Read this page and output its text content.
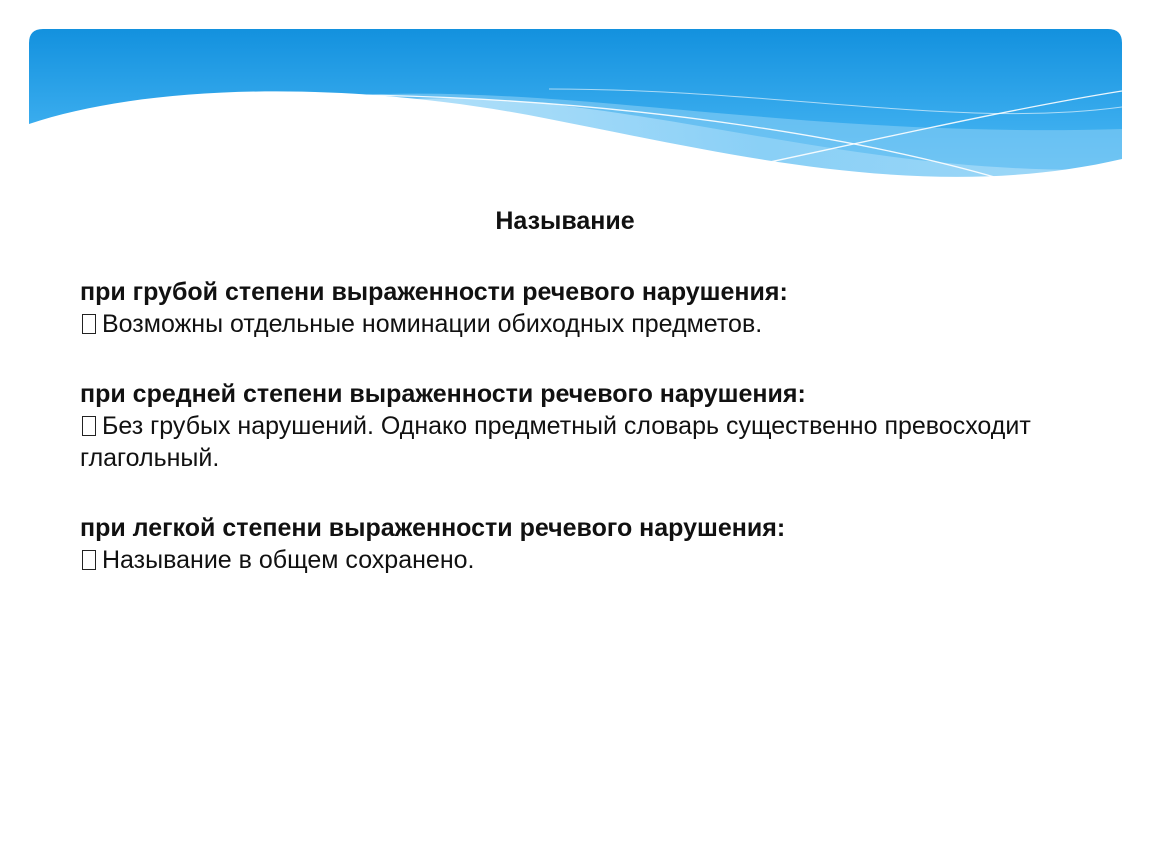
Называние

при грубой степени выраженности речевого нарушения:

Возможны отдельные номинации обиходных предметов.

при средней степени выраженности речевого нарушения:

Без грубых нарушений. Однако предметный словарь существенно превосходит глагольный.

при легкой степени выраженности речевого нарушения:

Называние в общем сохранено.
